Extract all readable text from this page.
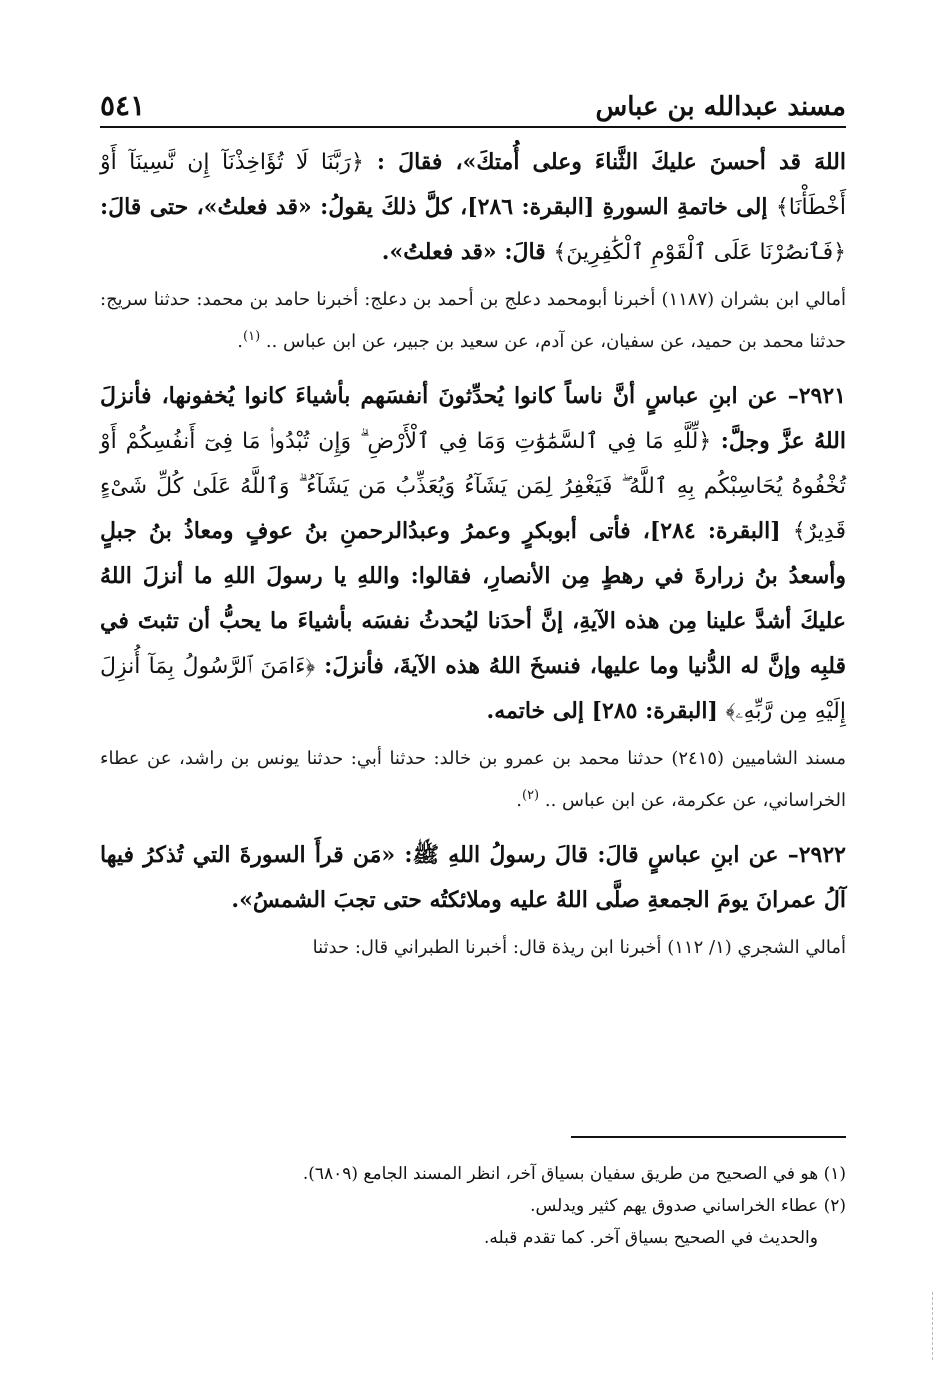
مسند عبدالله بن عباس
٥٤١

اللهَ قد أحسنَ عليكَ الثَّناءَ وعلى أُمتكَ»، فقالَ : ﴿رَبَّنَا لَا تُؤَاخِذْنَآ إِن نَّسِينَآ أَوْ أَخْطَأْنَا﴾ إلى خاتمةِ السورةِ [البقرة: ٢٨٦]، كلَّ ذلكَ يقولُ: «قد فعلتُ»، حتى قالَ: ﴿فَٱنصُرْنَا عَلَى ٱلْقَوْمِ ٱلْكَٰفِرِينَ﴾ قالَ: «قد فعلتُ».

أمالي ابن بشران (١١٨٧) أخبرنا أبومحمد دعلج بن أحمد بن دعلج: أخبرنا حامد بن محمد: حدثنا سريج: حدثنا محمد بن حميد، عن سفيان، عن آدم، عن سعيد بن جبير، عن ابن عباس .. $^{(١)}$.

٢٩٢١– عن ابنِ عباسٍ أنَّ ناساً كانوا يُحدِّثونَ أنفسَهم بأشياءَ كانوا يُخفونها، فأنزلَ اللهُ عزَّ وجلَّ: ﴿لِّلَّهِ مَا فِي ٱلسَّمَٰوَٰتِ وَمَا فِي ٱلْأَرْضِ ۗ وَإِن تُبْدُوا۟ مَا فِىٓ أَنفُسِكُمْ أَوْ تُخْفُوهُ يُحَاسِبْكُم بِهِ ٱللَّهُ ۖ فَيَغْفِرُ لِمَن يَشَآءُ وَيُعَذِّبُ مَن يَشَآءُ ۗ وَٱللَّهُ عَلَىٰ كُلِّ شَىْءٍ قَدِيرٌ﴾ [البقرة: ٢٨٤]، فأتى أبوبكرٍ وعمرُ وعبدُالرحمنِ بنُ عوفٍ ومعاذُ بنُ جبلٍ وأسعدُ بنُ زرارةَ في رهطٍ مِن الأنصارِ، فقالوا: واللهِ يا رسولَ اللهِ ما أنزلَ اللهُ عليكَ أشدَّ علينا مِن هذه الآيةِ، إنَّ أحدَنا ليُحدثُ نفسَه بأشياءَ ما يحبُّ أن تثبتَ في قلبِه وإنَّ له الدُّنيا وما عليها، فنسخَ اللهُ هذه الآيةَ، فأنزلَ: ﴿ءَامَنَ ٱلرَّسُولُ بِمَآ أُنزِلَ إِلَيْهِ مِن رَّبِّهِۦ﴾ [البقرة: ٢٨٥] إلى خاتمه.

مسند الشاميين (٢٤١٥) حدثنا محمد بن عمرو بن خالد: حدثنا أبي: حدثنا يونس بن راشد، عن عطاء الخراساني، عن عكرمة، عن ابن عباس .. $^{(٢)}$.

٢٩٢٢– عن ابنِ عباسٍ قالَ: قالَ رسولُ اللهِ ﷺ: «مَن قرأَ السورةَ التي تُذكرُ فيها آلُ عمرانَ يومَ الجمعةِ صلَّى اللهُ عليه وملائكتُه حتى تجبَ الشمسُ».

أمالي الشجري (١/ ١١٢) أخبرنا ابن ريذة قال: أخبرنا الطبراني قال: حدثنا

(١) هو في الصحيح من طريق سفيان بسياق آخر، انظر المسند الجامع (٦٨٠٩).

(٢) عطاء الخراساني صدوق يهم كثير ويدلس.

والحديث في الصحيح بسياق آخر. كما تقدم قبله.
